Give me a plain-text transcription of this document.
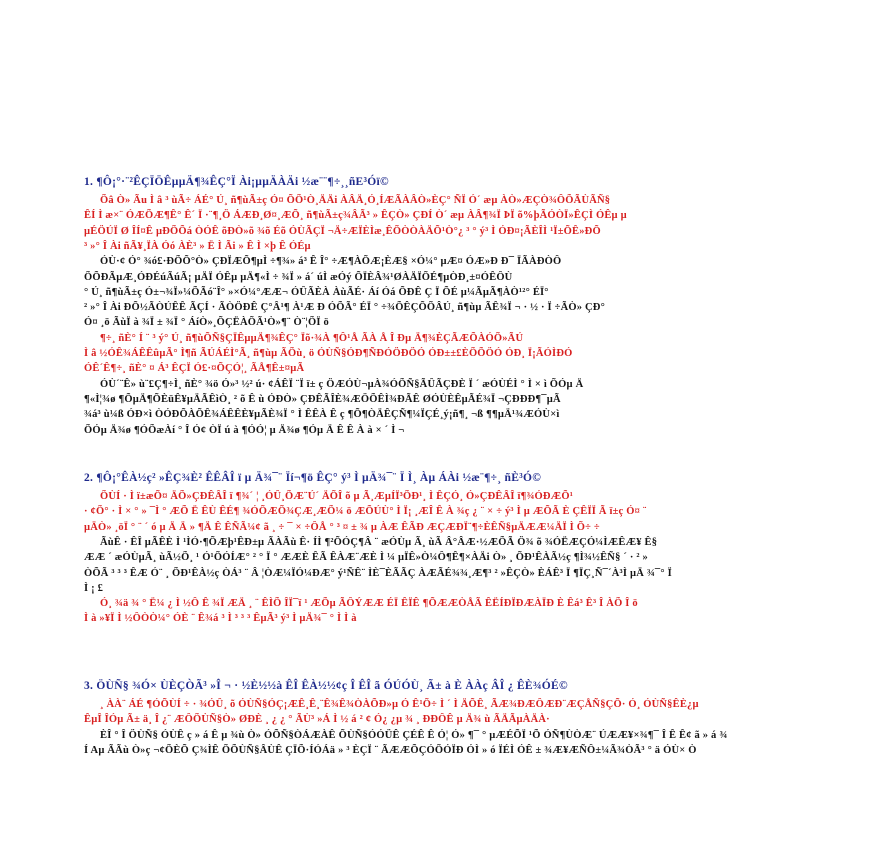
1. ¶Ô¡°·¨²ÊÇÏÖÊµµÄ¶¾ÊÇ°Ï Ài¡µµÄÀÄi ½æ¨¨¶÷¸¸ñE³Óï©
Õâ Ò» Ãu Ì â ³ ùÃ÷ ÁÉ° Ú¸ ñ¶ùÃ±ç Ó¤ ÕÕ¹Ò¸ÄÄi ÀÂÄ¸Ó¸ÍÆÃÀÂÒ»ÈÇ° ÑÏ Ó´ æµ ÀÒ»ÆÇÒ¾ÔÕÃÙÃÑ§
ÊÍ Ì æ×¨ ÓÆÕÆ¶Ê° Ê´ Ï ·¨¶¸Ö ÁÆÐ¸Ø¤¸ÆÕ¸ ñ¶ùÃ±ç¾ÂÃ³ » ÊÇÒ» ÇÐÍ Ò´ æµ ÀÂ¶¾Ï ÞÏ õ%þÃÓÒÏ»ÊÇÌ ÓÊµ µ
µÉÖÚÏ Ø ÎÍ¤Ê µÐÕÕá ÒÓÊ õÐÒ»õ ¾õ Éõ ÓÙÃÇÏ ¬Ä÷ÆÏÈÌæ¸ÊÕÒÒÀÄÕ¹Ò°¿ ³ ° ý³ Ì ÓÐ¤¡ÃÈÎÌ ¹Ï±ÕÊ»ÐÕ
³ »° Î Ài ñÃ¥¸ÏÀ Óó ÀÈ³ » Ë Ì Ãi » Ê Ì ×þ Ê ÓÉµ
ÓÙ·¢ Ó° ¾ó£·ÐÕÕ°Ò» ÇÐÏÆÕ¶µÌ ÷¶¾» á³ Ê Î° ÷Æ¶ÀÕÆ¡ÈÆ§ ×Ó¼° µÆ¤ ÓÆ»Ð Ð¯ ÏÃÀÐÒÔ
ÕÕÐÃµÆ¸ÓÐÉúÃúÃ¡ µÄÏ ÓÊµ µÄ¶«Ì ÷ ¾Ï » á´ úÌ æÓý ÕÏÈÂ¾¹ØÀÄÏÕÉ¶µÒÐ¸±¤ÓÊÔÙ
° Ú¸ ñ¶ùÃ±ç Ó±¬¾Ï»¼ÕÃó¨Î° »×Ó¼°ÆÆ¬ ÓÛÃÈÀ ÀùÃÉ· Áí Óá ÕÐÊ Ç Ï ÕÉ µ¼ÃµÃ¶ÀÒ¹²° ÉÏ°
² »° Î Ài ÐÕ½ÃÒÚÊÊ ÃÇÍ · ÃÒÖÐÊ Ç°Â¹¶ À¹Æ Ð ÓÕÃ° ÉÏ ° ÷¾ÕÊÇÕÕÂÚ¸ ñ¶ùµ ÃÊ¾Ï ¬ · ½ · Ï ÷ÃÒ» ÇÐ°
Ó¤ ¸ö ÃùÏ à ¾Ï ± ¾Ï ° ÁíÒ»¸ÕÇËÀÕÃ¹Ò»¶¨ Ò¨¦ÕÏ ö
¶÷¸ ñÈ° Í ¨ ³ ý° Ú¸ ñ¶ùÕÑ§ÇÏÊµµÄ¶¾ÊÇ° Ïõ·¾À ¶Ô¹Å ÃÀ Å Î Ðµ Ä¶¾ÈÇÃÆÕÀÓÕ»ÃÚ
Ì â ½ÓÊ¾ÁÊÊûµÃ° Ì¶ñ ÃÚÁÉÌ°Ã¸ ñ¶ùµ ÃÕù¸ ö ÓÙÑ§ÓÐ¶ÑÐÓÖÐÖÓ ÓÐ±±£ÈÕÕÖÓ ÓÐ¸ Ï¡ÃÓÌÐÓ
ÓÊ´Ê¶÷¸ ñÈ° ¤ Á³ ÊÇÏ Ó£·¤ÕÇÓ¦¸ ÃÅ¶Ê±¤µÃ
ÓÙ´¨Ê» ù¨£Ç¶÷Ì¸ ñÈ° ¾ö Ó»³ ½² ú· ¢ÁÊÏ ¨Ï ï± ç ÖÆÓÙ¬µÀ¾ÓÕÑ§ÃÛÃÇÐÈ Ï ´ æÓÙÉÌ ° Ì × ì ÕÓµ Ä
¶«Ì¦¾ø ¶ÕµÄ¶ÕÈüÊ¥µÄÃÊìÒ¸ ² õ Ê ù ÓÐÒ» ÇÐÊÃÎÈ¾ÆÖÕÊÌ¾ÐÃÊ ØÓÙÈÊµÃÉ¾Ï ¬ÇÐÐÐ¶¯µÃ
¾á³ ù¼ß ÓÐ×ì ÒÓÐÕÀÕÊ¾ÁÊÊÈ¥µÃÈ¾Ï ° Ì ÊÊÀ Ê ç ¶Õ¶ÒÄÊÇÑ¶¼ÏÇÉ¸ý¡ñ¶¸ ¬ß ¶¶µÄ¹¾ÆÓÙ×ì
ÕÓµ Ä¾ø ¶ÓÕæÀí ° Î Ó¢ ÒÏ ú à ¶ÓÓ¦ µ Ä¾ø ¶Óµ Ä Ê Ê À à × ´ Ì ¬
2. ¶Ô¡°ÊÀ½ç² »ÊÇ¾È² ÊÊÂÎ ï µ Ä¾¯¨ Ïí¬¶ö ÊÇ° ý³ Ì µÄ¾¯¨ Ï Ì¸ Àµ ÁÀi ½æ¨¶÷¸ ñÈ³Ó©
ÕÙÍ · Ì ï±æÕ¤ ÄÕ»ÇÐÊÂÎ ï ¶¾´ ¦ ¸ÓÛ¸ÕÆ¨Ú´ ÄÕÎ õ µ Ã¸ÆµÍÏ³ÕÐ¹¸ Ì ÊÇÓ¸ Ó»ÇÐÊÂÎ ï¶¾ÓÐÆÕ¹
· ¢Õ° · Ì × ° » ¯Ì ° ÆÕ Ë ÊÙ ÊÉ¶ ¾ÓÕÆÕ¾ÇÆ¸ÆÕ¼ ö ÆÕÚÙ° Ì Ï¡ ¸ÆÎ Ê À ¾ç ¿ ¨ × ÷ ý³ Ì µ ÆÕÃ È ÇÊÏÏ Ã ï±ç Ó¤ ¨
µÄÒ» ¸öÏ ° ¨ ´ ó µ Ä Ä » ¶Ä Ê ÊÑÃ¼¢ ã ¸ ÷ ¯ × ÷ÔÅ ° ³ ¤ ± ¾ µ ÀÆ ÊÃÐ ÆÇÆÐÏ¨¶÷ÈÊÑ§µÄÆÆ¼ÄÏ Ì Õ÷ ÷
ÃùÊ · ÊÎ µÃÊÈ Ì ¹ÌÓ·¶ÕÆþ¹ÊÐ±µ ÃÀÃù Ê· ÍÌ ¶²ÕÓÇ¶Â ¨ æÓÙµ Ã¸ ùÃ Â°ÂÆ·½ÆÕÃ Ö¾ õ ¾ÓËÆÇÓ¼ÌÆÊÆ¥ Ê§
ÆÆ ´ æÓÙµÃ¸ ùÃ½Õ¸ ¹ Ó¹ÕÓÍÆ° ² ° Ï ° ÆÆÈ ÊÃ ÊÀÆ¨ÆÈ Ì ¼ µÏÊ»Ò¼Ô¶Ê¶×ÀÄi Ò» ¸ ÕÐ¹ÊÀÃ½ç ¶Ì¾½ÊÑ§ ´ · ² »
ÒÕÃ ³ ³ ³ ÊÆ Ó¨ ¸ ÕÐ¹ÊÀ½ç ÒÁ³ ¨ Â ¦ÒÆ¼ÏÓ¼ÐÆ° ý¹ÑÊ¨ ÌÈ¯ÈÃÃÇ ÀÆÃÉ¾¾¸Æ¶³ ² »ÊÇÒ» ÈÁÊ³ Ï ¶ÏÇ¸Ñ¯´À³Ì µÄ ¾¯° Ï
Ì ¡ £
Ó¸ ¾ä ¾ ° Ë¼ ¿ Ì ½Ô Ê ¾Ï ÆÄ ¸ ¨ ÊÌÕ ÎÏ¯ï ¹ ÆÕµ ÃÔÝÆÆ ÉÏ ÊÏÊ ¶ÕÆÆÒÅÃ ÊËÍÐÏÐÆÀÏÐ È Êá³ Ê³ Î ÀÕ Î ö
Ì à »¥Ï Ì ½ÔÒÒ¼° ÓÈ ¨ Ê¾á ³ Ì ³ ³ ³ ÊµÃ³ ý³ Ì µÄ¾¯ ° Ì Ì à
3. ÖÙÑ§ ¾Ó× ÙÈÇÒÃ³ »Î ¬ · ½È½½à ÊÎ ÊÀ½½¢ç Î ÊÎ ã ÓÚÓÙ¸ Ã± à È ÀÀç ÂÎ ¿ ÊÈ¾ÓÉ©
¸ ÀÀ¨ ÁÉ ¶ÓÕÙÍ ÷ · ¾ÓÛ¸ õ ÓÙÑ§ÓÇ¡ÆÊ¸Ê¸¨Ê¾Ê¾ÒÀÕÐ»µ Ó Ê¹Õ÷ Ì ´ Ì ÄÕÊ¸ ÃÆ¾ÐÆÔÆÐ¨ÆÇÅÑ§ÇÕ· Ó¸ ÓÙÑ§ÊÈ¿µ
ÊµÎ ÎÓµ Ã± ä¸ Î ¿¨ ÆÔÕÙÑ§Ò» ØÐÈ ¸ ¿ ¿ ° ÃÙ³ »Á Ì ½ á ² ¢ Ó¿ ¿µ ¾ ¸ ÐÐÔÊ µ Ä¾ ù ÃÄÃµÀÄÀ·
ÈÎ ° Î ÖÙÑ§ ÓÙÊ ç » á Ê µ ¾ù Ò» ÓÕÑ§ÒÁÆÀÊ ÕÙÑ§ÓÓÜÊ ÇÉÊ Ê Ó¦ Ó» ¶¯ ° µÆÉÕÏ ¹Õ ÓÑ¶ÙÒÆ¨ ÚÆÆ¥×¾¶¯ Î Ê Ê¢ ã » á ¾
Í Aµ ÃÃù Ò»ç ¬¢ÕÈÕ Ç¾ÌÊ ÕÕÙÑ§ÂÙÊ ÇÏÕ·ÍÓÁä » ³ ÈÇÏ ¨ ÃÆÆÕÇÓÕÓÏÐ ÓÌ » ó ÏÉÌ ÓÊ ± ¾Æ¥ÆÑÔ±¼Ã¾ÒÃ³ ° ä ÓÙ× Ò
